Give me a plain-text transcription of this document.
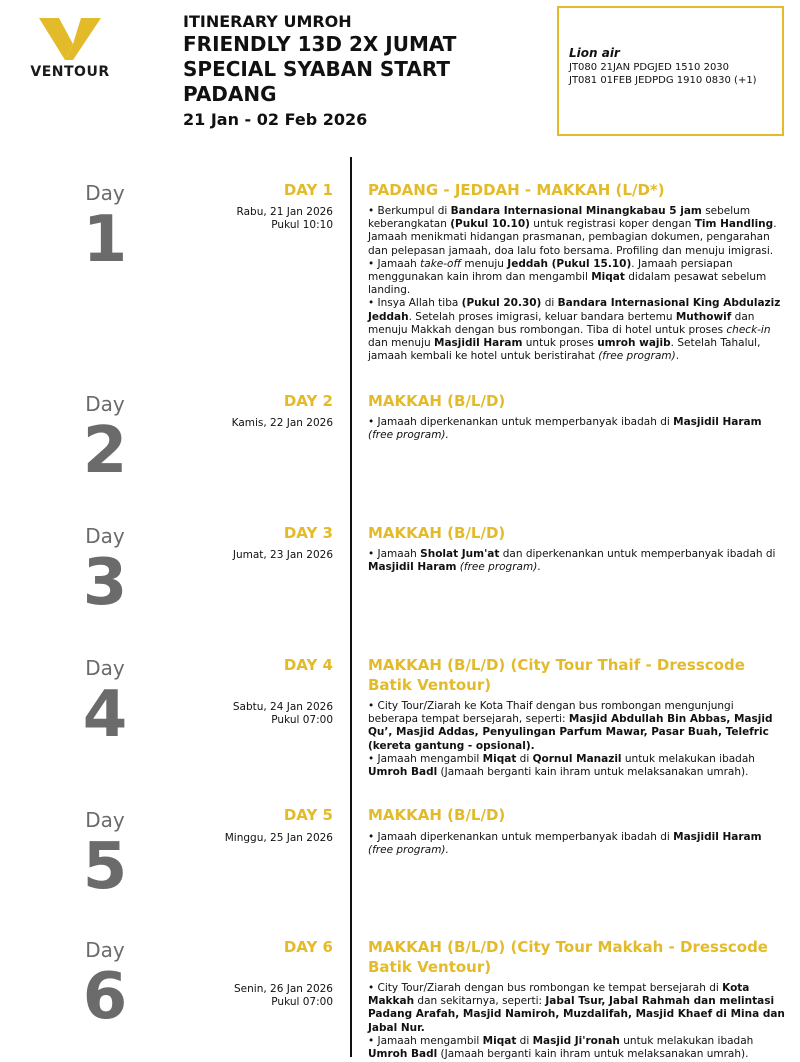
VENTOUR
ITINERARY UMROH
FRIENDLY 13D 2X JUMAT
SPECIAL SYABAN START
PADANG
21 Jan - 02 Feb 2026
Lion air
JT080 21JAN PDGJED 1510 2030
JT081 01FEB JEDPDG 1910 0830 (+1)
Day
1
DAY 1
Rabu, 21 Jan 2026
Pukul 10:10
PADANG - JEDDAH - MAKKAH (L/D*)

• Berkumpul di Bandara Internasional Minangkabau 5 jam sebelum keberangkatan (Pukul 10.10) untuk registrasi koper dengan Tim Handling. Jamaah menikmati hidangan prasmanan, pembagian dokumen, pengarahan dan pelepasan jamaah, doa lalu foto bersama. Profiling dan menuju imigrasi.

• Jamaah take-off menuju Jeddah (Pukul 15.10). Jamaah persiapan menggunakan kain ihrom dan mengambil Miqat didalam pesawat sebelum landing.

• Insya Allah tiba (Pukul 20.30) di Bandara Internasional King Abdulaziz Jeddah. Setelah proses imigrasi, keluar bandara bertemu Muthowif dan menuju Makkah dengan bus rombongan. Tiba di hotel untuk proses check-in dan menuju Masjidil Haram untuk proses umroh wajib. Setelah Tahalul, jamaah kembali ke hotel untuk beristirahat (free program).

Day
2
DAY 2
Kamis, 22 Jan 2026
MAKKAH (B/L/D)

• Jamaah diperkenankan untuk memperbanyak ibadah di Masjidil Haram (free program).

Day
3
DAY 3
Jumat, 23 Jan 2026
MAKKAH (B/L/D)

• Jamaah Sholat Jum'at dan diperkenankan untuk memperbanyak ibadah di Masjidil Haram (free program).

Day
4
DAY 4
Sabtu, 24 Jan 2026
Pukul 07:00
MAKKAH (B/L/D) (City Tour Thaif - Dresscode Batik Ventour)

• City Tour/Ziarah ke Kota Thaif dengan bus rombongan mengunjungi beberapa tempat bersejarah, seperti: Masjid Abdullah Bin Abbas, Masjid Qu’, Masjid Addas, Penyulingan Parfum Mawar, Pasar Buah, Telefric (kereta gantung - opsional).

• Jamaah mengambil Miqat di Qornul Manazil untuk melakukan ibadah Umroh Badl (Jamaah berganti kain ihram untuk melaksanakan umrah).

Day
5
DAY 5
Minggu, 25 Jan 2026
MAKKAH (B/L/D)

• Jamaah diperkenankan untuk memperbanyak ibadah di Masjidil Haram (free program).

Day
6
DAY 6
Senin, 26 Jan 2026
Pukul 07:00
MAKKAH (B/L/D) (City Tour Makkah - Dresscode Batik Ventour)

• City Tour/Ziarah dengan bus rombongan ke tempat bersejarah di Kota Makkah dan sekitarnya, seperti: Jabal Tsur, Jabal Rahmah dan melintasi Padang Arafah, Masjid Namiroh, Muzdalifah, Masjid Khaef di Mina dan Jabal Nur.

• Jamaah mengambil Miqat di Masjid Ji'ronah untuk melakukan ibadah Umroh Badl (Jamaah berganti kain ihram untuk melaksanakan umrah).
